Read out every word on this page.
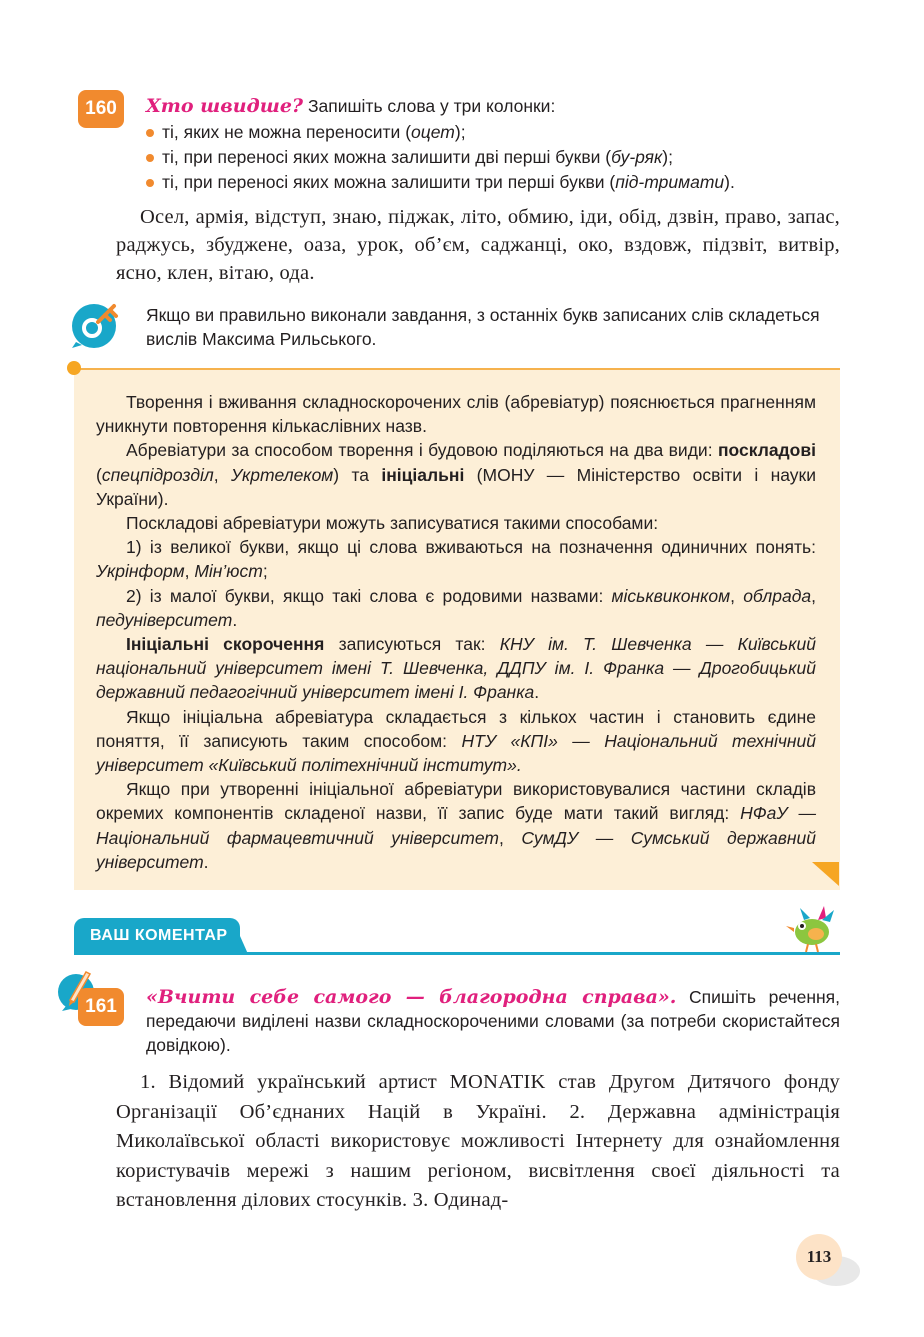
160 Хто швидше? Запишіть слова у три колонки:
ті, яких не можна переносити (оцет);
ті, при переносі яких можна залишити дві перші букви (бу-ряк);
ті, при переносі яких можна залишити три перші букви (під-тримати).
Осел, армія, відступ, знаю, піджак, літо, обмию, іди, обід, дзвін, право, запас, раджусь, збуджене, оаза, урок, об’єм, саджанці, око, вздовж, підзвіт, витвір, ясно, клен, вітаю, ода.
Якщо ви правильно виконали завдання, з останніх букв записаних слів складеться вислів Максима Рильського.

Творення і вживання складноскорочених слів (абревіатур) пояснюється прагненням уникнути повторення кількаслівних назв.

Абревіатури за способом творення і будовою поділяються на два види: поскладові (спецпідрозділ, Укртелеком) та ініціальні (МОНУ — Міністерство освіти і науки України).

Поскладові абревіатури можуть записуватися такими способами:

1) із великої букви, якщо ці слова вживаються на позначення одиничних понять: Укрінформ, Мін’юст;

2) із малої букви, якщо такі слова є родовими назвами: міськвиконком, облрада, педуніверситет.

Ініціальні скорочення записуються так: КНУ ім. Т. Шевченка — Київський національний університет імені Т. Шевченка, ДДПУ ім. І. Франка — Дрогобицький державний педагогічний університет імені І. Франка.

Якщо ініціальна абревіатура складається з кількох частин і становить єдине поняття, її записують таким способом: НТУ «КПІ» — Національний технічний університет «Київський політехнічний інститут».

Якщо при утворенні ініціальної абревіатури використовувалися частини складів окремих компонентів складеної назви, її запис буде мати такий вигляд: НФаУ — Національний фармацевтичний університет, СумДУ — Сумський державний університет.

ВАШ КОМЕНТАР
161 «Вчити себе самого — благородна справа». Спишіть речення, передаючи виділені назви складноскороченими словами (за потреби скористайтеся довідкою).
1. Відомий український артист MONATIK став Другом Дитячого фонду Організації Об’єднаних Націй в Україні. 2. Державна адміністрація Миколаївської області використовує можливості Інтернету для ознайомлення користувачів мережі з нашим регіоном, висвітлення своєї діяльності та встановлення ділових стосунків. 3. Одинад-
113
